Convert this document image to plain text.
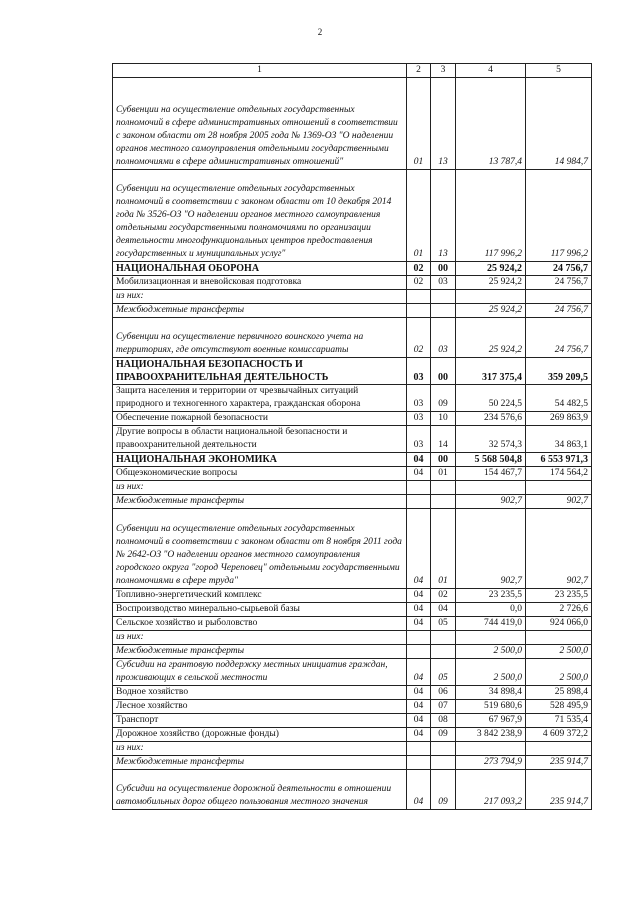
2
1	2	3	4	5
Субвенции на осуществление отдельных государственных полномочий в сфере административных отношений в соответствии с законом области от 28 ноября 2005 года № 1369-ОЗ "О наделении органов местного самоуправления отдельными государственными полномочиями в сфере административных отношений"	01	13	13 787,4	14 984,7
Субвенции на осуществление отдельных государственных полномочий в соответствии с законом области от 10 декабря 2014 года № 3526-ОЗ "О наделении органов местного самоуправления отдельными государственными полномочиями по организации деятельности многофункциональных центров предоставления государственных и муниципальных услуг"	01	13	117 996,2	117 996,2
НАЦИОНАЛЬНАЯ ОБОРОНА	02	00	25 924,2	24 756,7
Мобилизационная и вневойсковая подготовка	02	03	25 924,2	24 756,7
из них:				
Межбюджетные трансферты			25 924,2	24 756,7
Субвенции на осуществление первичного воинского учета на территориях, где отсутствуют военные комиссариаты	02	03	25 924,2	24 756,7
НАЦИОНАЛЬНАЯ БЕЗОПАСНОСТЬ И ПРАВООХРАНИТЕЛЬНАЯ ДЕЯТЕЛЬНОСТЬ	03	00	317 375,4	359 209,5
Защита населения и территории от чрезвычайных ситуаций природного и техногенного характера, гражданская оборона	03	09	50 224,5	54 482,5
Обеспечение пожарной безопасности	03	10	234 576,6	269 863,9
Другие вопросы в области национальной безопасности и правоохранительной деятельности	03	14	32 574,3	34 863,1
НАЦИОНАЛЬНАЯ ЭКОНОМИКА	04	00	5 568 504,8	6 553 971,3
Общеэкономические вопросы	04	01	154 467,7	174 564,2
из них:				
Межбюджетные трансферты			902,7	902,7
Субвенции на осуществление отдельных государственных полномочий в соответствии с законом области от 8 ноября 2011 года № 2642-ОЗ "О наделении органов местного самоуправления городского округа "город Череповец" отдельными государственными полномочиями в сфере труда"	04	01	902,7	902,7
Топливно-энергетический комплекс	04	02	23 235,5	23 235,5
Воспроизводство минерально-сырьевой базы	04	04	0,0	2 726,6
Сельское хозяйство и рыболовство	04	05	744 419,0	924 066,0
из них:				
Межбюджетные трансферты			2 500,0	2 500,0
Субсидии на грантовую поддержку местных инициатив граждан, проживающих в сельской местности	04	05	2 500,0	2 500,0
Водное хозяйство	04	06	34 898,4	25 898,4
Лесное хозяйство	04	07	519 680,6	528 495,9
Транспорт	04	08	67 967,9	71 535,4
Дорожное хозяйство (дорожные фонды)	04	09	3 842 238,9	4 609 372,2
из них:				
Межбюджетные трансферты			273 794,9	235 914,7
Субсидии на осуществление дорожной деятельности в отношении автомобильных дорог общего пользования местного значения	04	09	217 093,2	235 914,7
